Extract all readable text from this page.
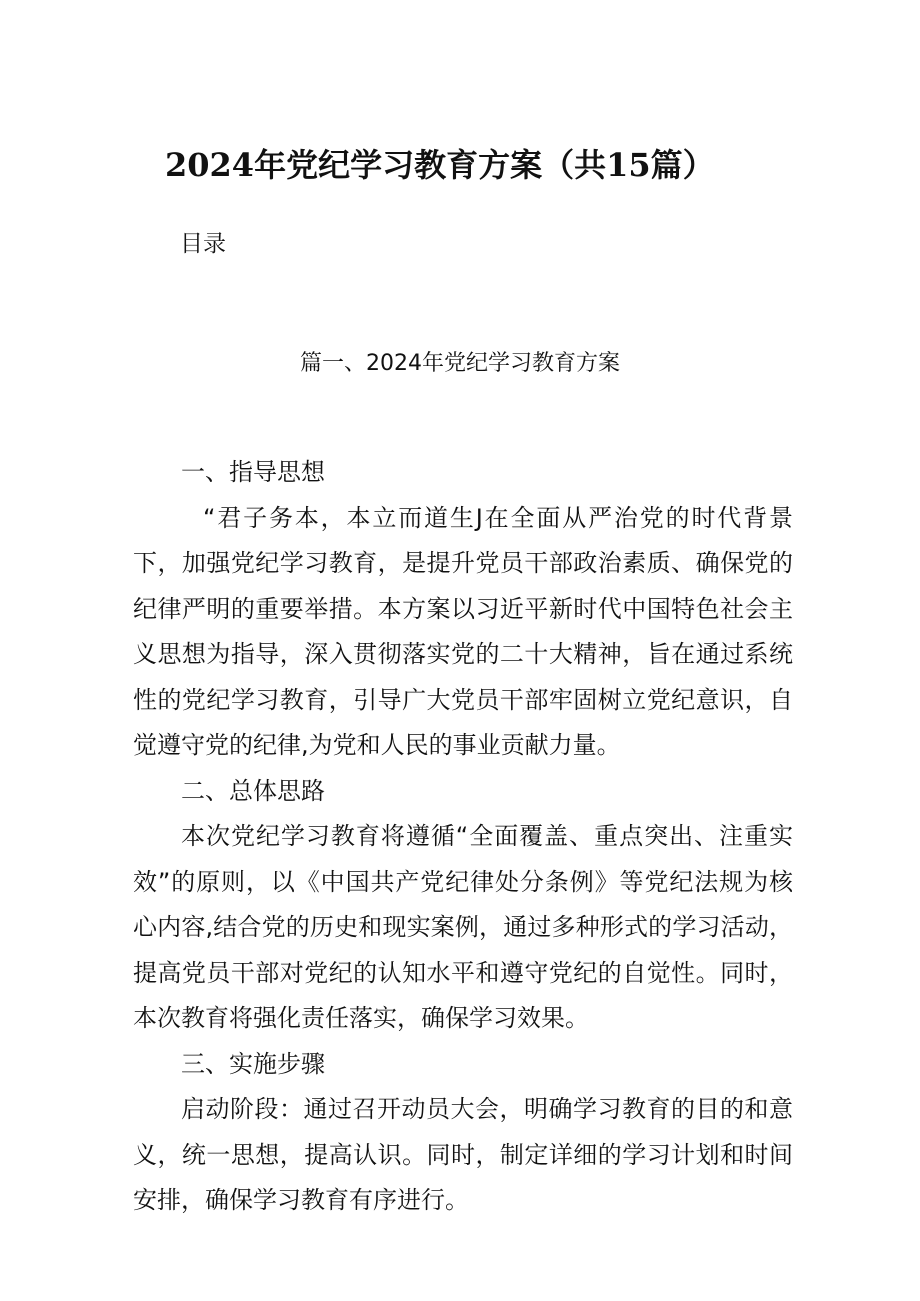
2024年党纪学习教育方案（共15篇）
目录
篇一、2024年党纪学习教育方案

一、指导思想

“君子务本，本立而道生J在全面从严治党的时代背景下，加强党纪学习教育，是提升党员干部政治素质、确保党的纪律严明的重要举措。本方案以习近平新时代中国特色社会主义思想为指导，深入贯彻落实党的二十大精神，旨在通过系统性的党纪学习教育，引导广大党员干部牢固树立党纪意识，自觉遵守党的纪律,为党和人民的事业贡献力量。

二、总体思路

本次党纪学习教育将遵循“全面覆盖、重点突出、注重实效”的原则，以《中国共产党纪律处分条例》等党纪法规为核心内容,结合党的历史和现实案例，通过多种形式的学习活动，提高党员干部对党纪的认知水平和遵守党纪的自觉性。同时，本次教育将强化责任落实，确保学习效果。

三、实施步骤

启动阶段：通过召开动员大会，明确学习教育的目的和意义，统一思想，提高认识。同时，制定详细的学习计划和时间安排，确保学习教育有序进行。
